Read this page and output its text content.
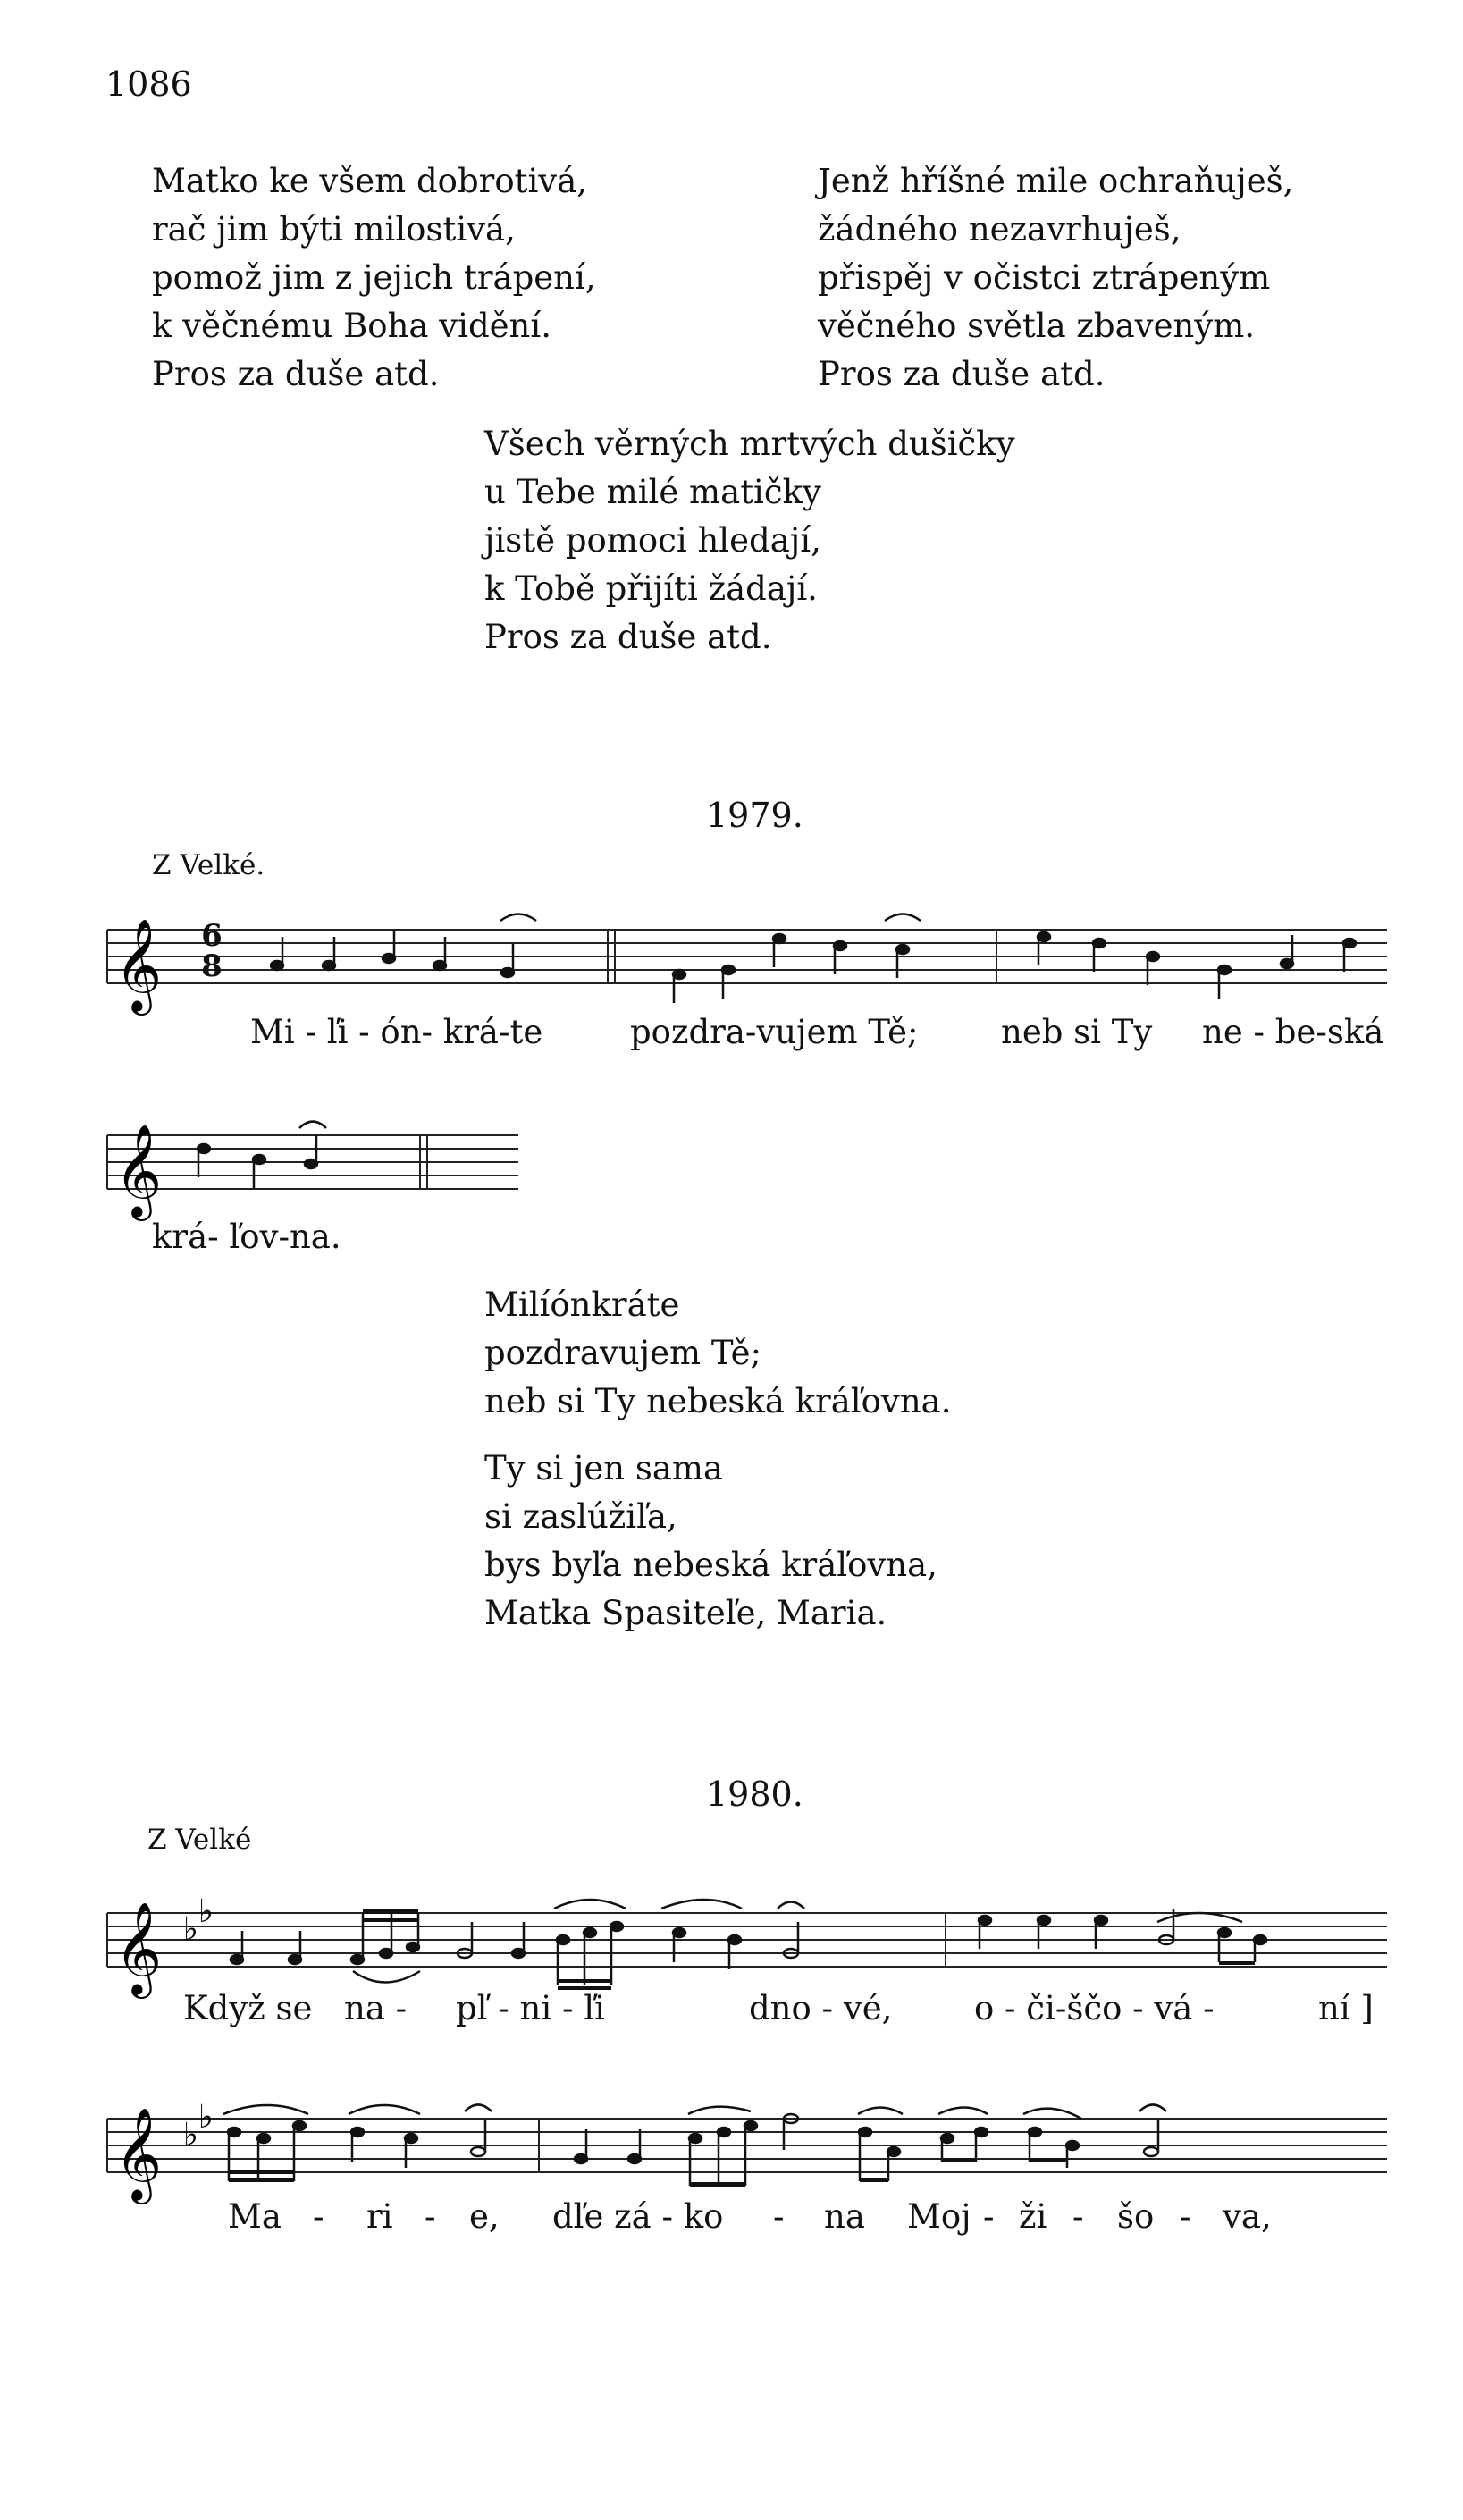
1086
Matko ke všem dobrotivá,
rač jim býti milostivá,
pomož jim z jejich trápení,
k věčnému Boha vidění.
Pros za duše atd.
Jenž hříšné mile ochraňuješ,
žádného nezavrhuješ,
přispěj v očistci ztrápeným
věčného světla zbaveným.
Pros za duše atd.
Všech věrných mrtvých dušičky
u Tebe milé matičky
jistě pomoci hledají,
k Tobě přijíti žádají.
Pros za duše atd.
1979.
Z Velké.
𝄞
Mi - ľi - ón- krá-te	pozdra-vujem Tě; neb si Ty ne - be-ská
6
8
𝄞
krá- ľov-na.
Milíónkráte
pozdravujem Tě;
neb si Ty nebeská kráľovna.
Ty si jen sama
si zaslúžiľa,
bys byľa nebeská kráľovna,
Matka Spasiteľe, Maria.
1980.
Z Velké
𝄞 ♭ ♭
Když se na - pľ - ni - ľi	dno - vé, o - či-ščo - vá -	ní ]
𝄞 ♭ ♭
Ma - ri - e, dľe zá - ko - na Moj - ži - šo - va,
